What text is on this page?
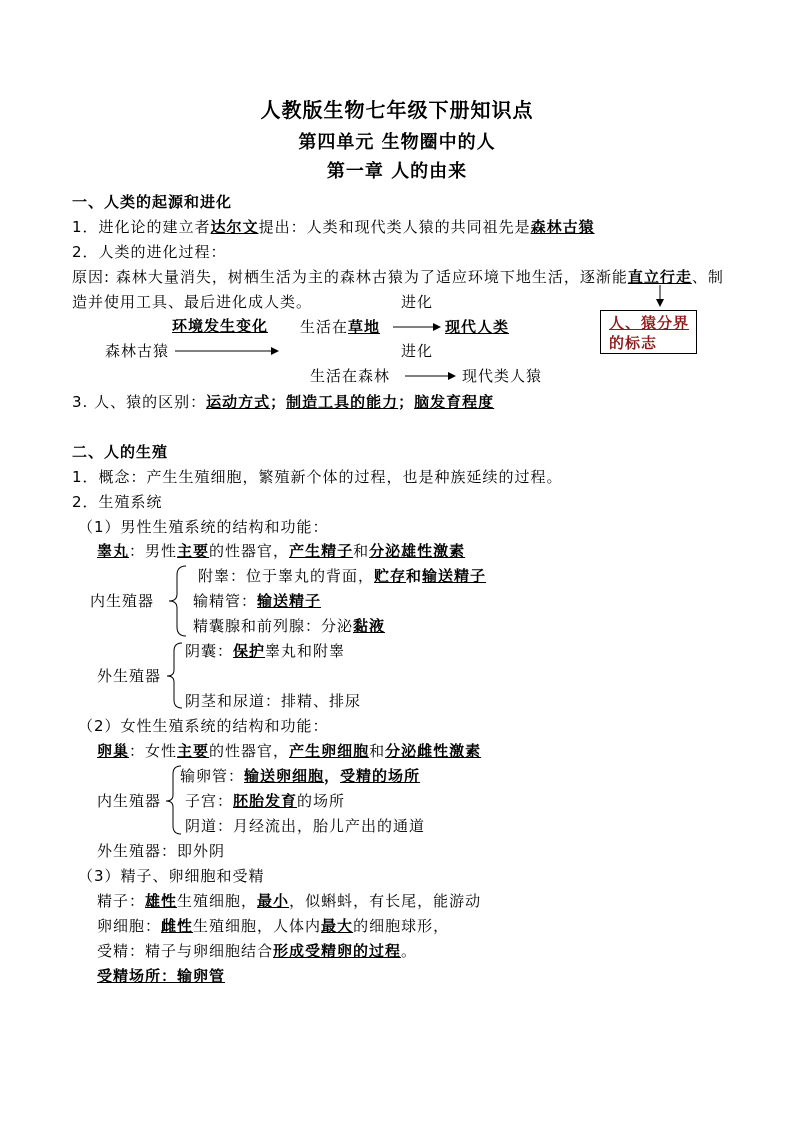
人教版生物七年级下册知识点
第四单元 生物圈中的人
第一章 人的由来
一、人类的起源和进化
1．进化论的建立者达尔文提出：人类和现代类人猿的共同祖先是森林古猿
2．人类的进化过程：
原因: 森林大量消失，树栖生活为主的森林古猿为了适应环境下地生活，逐渐能直立行走、制
造并使用工具、最后进化成人类。	进化
环境发生变化 生活在草地	现代人类
森林古猿	进化
生活在森林	现代类人猿
人、猿分界
的标志
3. 人、猿的区别：运动方式；制造工具的能力；脑发育程度
二、人的生殖
1．概念：产生生殖细胞，繁殖新个体的过程，也是种族延续的过程。
2．生殖系统
（1）男性生殖系统的结构和功能：
睾丸：男性主要的性器官，产生精子和分泌雄性激素
附睾：位于睾丸的背面，贮存和输送精子
内生殖器	输精管：输送精子
精囊腺和前列腺：分泌黏液
阴囊：保护睾丸和附睾
外生殖器
阴茎和尿道：排精、排尿
（2）女性生殖系统的结构和功能：
卵巢：女性主要的性器官，产生卵细胞和分泌雌性激素
输卵管：输送卵细胞，受精的场所
内生殖器 子宫：胚胎发育的场所
阴道：月经流出，胎儿产出的通道
外生殖器：即外阴
（3）精子、卵细胞和受精
精子：雄性生殖细胞，最小，似蝌蚪，有长尾，能游动
卵细胞：雌性生殖细胞，人体内最大的细胞球形，
受精：精子与卵细胞结合形成受精卵的过程。
受精场所：输卵管
